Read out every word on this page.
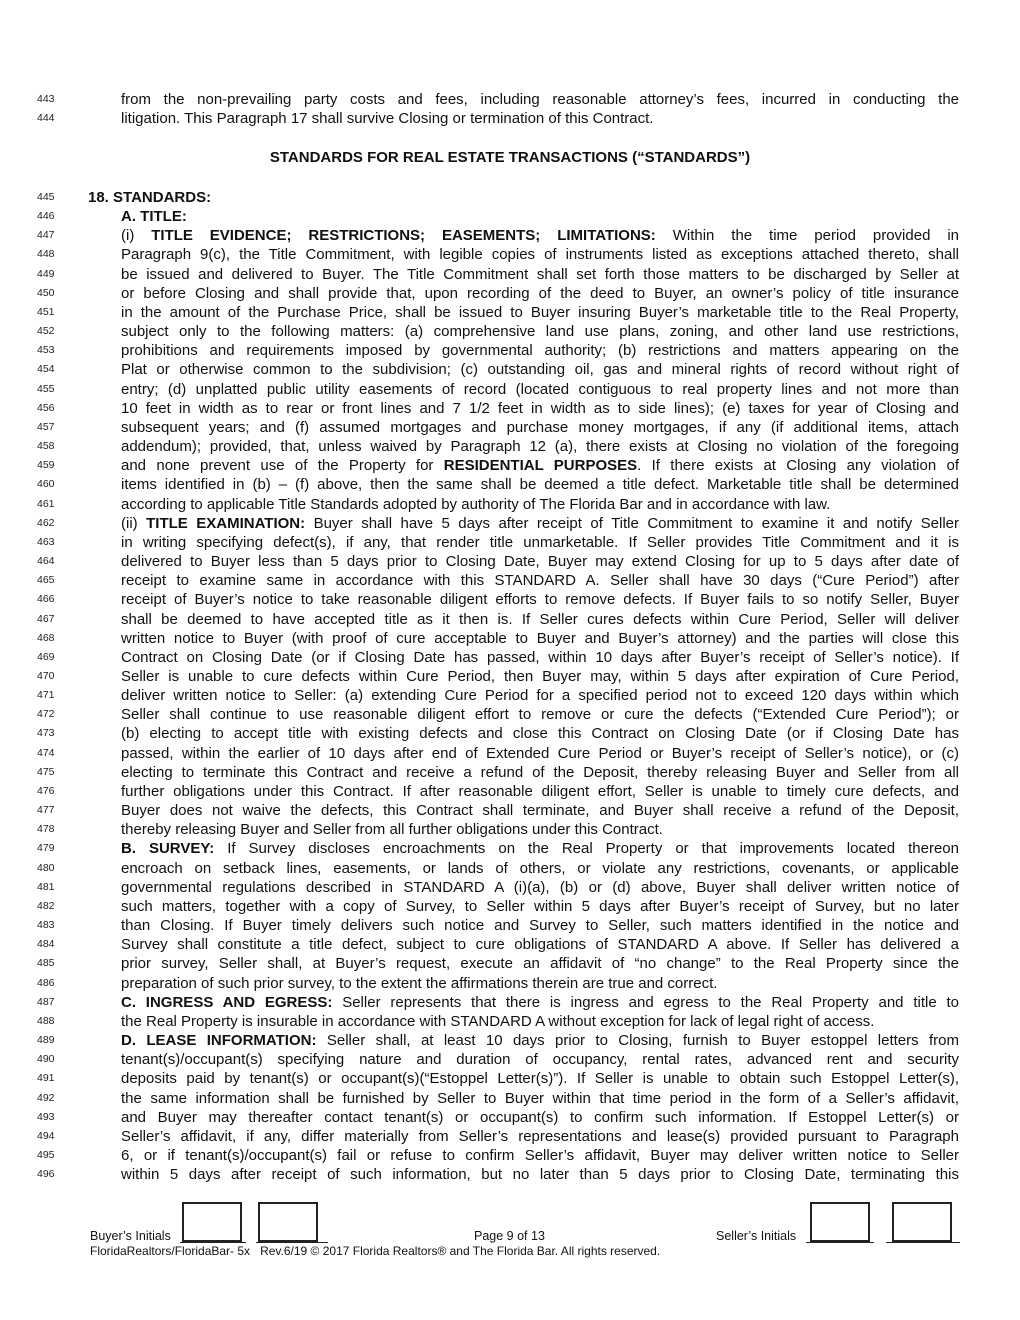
STANDARDS FOR REAL ESTATE TRANSACTIONS (“STANDARDS”)
443	from the non-prevailing party costs and fees, including reasonable attorney’s fees, incurred in conducting the
444	litigation. This Paragraph 17 shall survive Closing or termination of this Contract.
445	18. STANDARDS:
446	A. TITLE:
447	(i) TITLE EVIDENCE; RESTRICTIONS; EASEMENTS; LIMITATIONS: Within the time period provided in
448	Paragraph 9(c), the Title Commitment, with legible copies of instruments listed as exceptions attached thereto, shall
449	be issued and delivered to Buyer. The Title Commitment shall set forth those matters to be discharged by Seller at
450	or before Closing and shall provide that, upon recording of the deed to Buyer, an owner’s policy of title insurance
451	in the amount of the Purchase Price, shall be issued to Buyer insuring Buyer’s marketable title to the Real Property,
452	subject only to the following matters: (a) comprehensive land use plans, zoning, and other land use restrictions,
453	prohibitions and requirements imposed by governmental authority; (b) restrictions and matters appearing on the
454	Plat or otherwise common to the subdivision; (c) outstanding oil, gas and mineral rights of record without right of
455	entry; (d) unplatted public utility easements of record (located contiguous to real property lines and not more than
456	10 feet in width as to rear or front lines and 7 1/2 feet in width as to side lines); (e) taxes for year of Closing and
457	subsequent years; and (f) assumed mortgages and purchase money mortgages, if any (if additional items, attach
458	addendum); provided, that, unless waived by Paragraph 12 (a), there exists at Closing no violation of the foregoing
459	and none prevent use of the Property for RESIDENTIAL PURPOSES. If there exists at Closing any violation of
460	items identified in (b) – (f) above, then the same shall be deemed a title defect. Marketable title shall be determined
461	according to applicable Title Standards adopted by authority of The Florida Bar and in accordance with law.
462	(ii) TITLE EXAMINATION: Buyer shall have 5 days after receipt of Title Commitment to examine it and notify Seller
463	in writing specifying defect(s), if any, that render title unmarketable. If Seller provides Title Commitment and it is
464	delivered to Buyer less than 5 days prior to Closing Date, Buyer may extend Closing for up to 5 days after date of
465	receipt to examine same in accordance with this STANDARD A. Seller shall have 30 days (“Cure Period”) after
466	receipt of Buyer’s notice to take reasonable diligent efforts to remove defects. If Buyer fails to so notify Seller, Buyer
467	shall be deemed to have accepted title as it then is. If Seller cures defects within Cure Period, Seller will deliver
468	written notice to Buyer (with proof of cure acceptable to Buyer and Buyer’s attorney) and the parties will close this
469	Contract on Closing Date (or if Closing Date has passed, within 10 days after Buyer’s receipt of Seller’s notice). If
470	Seller is unable to cure defects within Cure Period, then Buyer may, within 5 days after expiration of Cure Period,
471	deliver written notice to Seller: (a) extending Cure Period for a specified period not to exceed 120 days within which
472	Seller shall continue to use reasonable diligent effort to remove or cure the defects (“Extended Cure Period”); or
473	(b) electing to accept title with existing defects and close this Contract on Closing Date (or if Closing Date has
474	passed, within the earlier of 10 days after end of Extended Cure Period or Buyer’s receipt of Seller’s notice), or (c)
475	electing to terminate this Contract and receive a refund of the Deposit, thereby releasing Buyer and Seller from all
476	further obligations under this Contract. If after reasonable diligent effort, Seller is unable to timely cure defects, and
477	Buyer does not waive the defects, this Contract shall terminate, and Buyer shall receive a refund of the Deposit,
478	thereby releasing Buyer and Seller from all further obligations under this Contract.
479	B. SURVEY: If Survey discloses encroachments on the Real Property or that improvements located thereon
480	encroach on setback lines, easements, or lands of others, or violate any restrictions, covenants, or applicable
481	governmental regulations described in STANDARD A (i)(a), (b) or (d) above, Buyer shall deliver written notice of
482	such matters, together with a copy of Survey, to Seller within 5 days after Buyer’s receipt of Survey, but no later
483	than Closing. If Buyer timely delivers such notice and Survey to Seller, such matters identified in the notice and
484	Survey shall constitute a title defect, subject to cure obligations of STANDARD A above. If Seller has delivered a
485	prior survey, Seller shall, at Buyer’s request, execute an affidavit of “no change” to the Real Property since the
486	preparation of such prior survey, to the extent the affirmations therein are true and correct.
487	C. INGRESS AND EGRESS: Seller represents that there is ingress and egress to the Real Property and title to
488	the Real Property is insurable in accordance with STANDARD A without exception for lack of legal right of access.
489	D. LEASE INFORMATION: Seller shall, at least 10 days prior to Closing, furnish to Buyer estoppel letters from
490	tenant(s)/occupant(s) specifying nature and duration of occupancy, rental rates, advanced rent and security
491	deposits paid by tenant(s) or occupant(s)(“Estoppel Letter(s)”). If Seller is unable to obtain such Estoppel Letter(s),
492	the same information shall be furnished by Seller to Buyer within that time period in the form of a Seller’s affidavit,
493	and Buyer may thereafter contact tenant(s) or occupant(s) to confirm such information. If Estoppel Letter(s) or
494	Seller’s affidavit, if any, differ materially from Seller’s representations and lease(s) provided pursuant to Paragraph
495	6, or if tenant(s)/occupant(s) fail or refuse to confirm Seller’s affidavit, Buyer may deliver written notice to Seller
496	within 5 days after receipt of such information, but no later than 5 days prior to Closing Date, terminating this
Buyer’s Initials	Page 9 of 13	Seller’s Initials
FloridaRealtors/FloridaBar- 5x Rev.6/19 © 2017 Florida Realtors® and The Florida Bar. All rights reserved.
